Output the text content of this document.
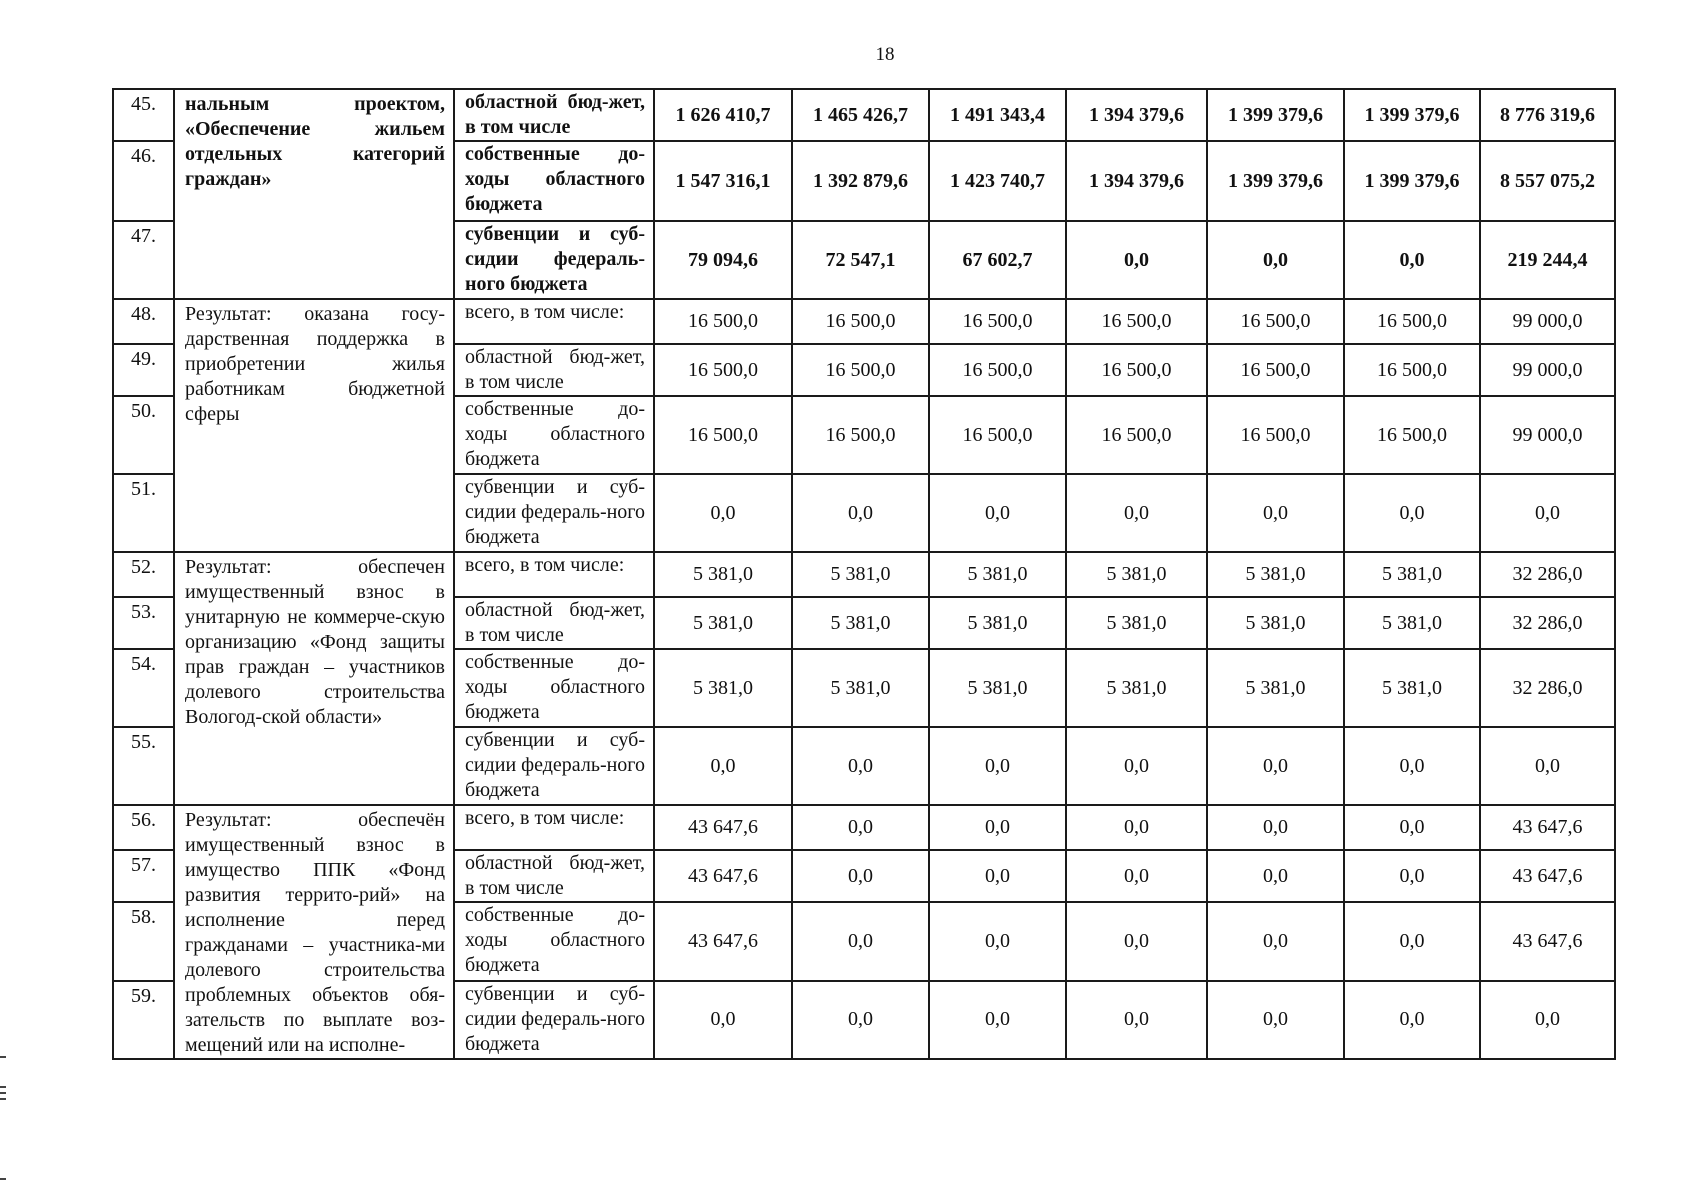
18
45.	нальным проектом, «Обеспечение жильем отдельных категорий граждан»	областной бюд-жет, в том числе	1 626 410,7	1 465 426,7	1 491 343,4	1 394 379,6	1 399 379,6	1 399 379,6	8 776 319,6
46.		собственные до-ходы областного бюджета	1 547 316,1	1 392 879,6	1 423 740,7	1 394 379,6	1 399 379,6	1 399 379,6	8 557 075,2
47.		субвенции и суб-сидии федераль-ного бюджета	79 094,6	72 547,1	67 602,7	0,0	0,0	0,0	219 244,4
48.	Результат: оказана госу-дарственная поддержка в приобретении жилья работникам бюджетной сферы	всего, в том числе:	16 500,0	16 500,0	16 500,0	16 500,0	16 500,0	16 500,0	99 000,0
49.		областной бюд-жет, в том числе	16 500,0	16 500,0	16 500,0	16 500,0	16 500,0	16 500,0	99 000,0
50.		собственные до-ходы областного бюджета	16 500,0	16 500,0	16 500,0	16 500,0	16 500,0	16 500,0	99 000,0
51.		субвенции и суб-сидии федераль-ного бюджета	0,0	0,0	0,0	0,0	0,0	0,0	0,0
52.	Результат: обеспечен имущественный взнос в унитарную не коммерче-скую организацию «Фонд защиты прав граждан – участников долевого строительства Вологод-ской области»	всего, в том числе:	5 381,0	5 381,0	5 381,0	5 381,0	5 381,0	5 381,0	32 286,0
53.		областной бюд-жет, в том числе	5 381,0	5 381,0	5 381,0	5 381,0	5 381,0	5 381,0	32 286,0
54.		собственные до-ходы областного бюджета	5 381,0	5 381,0	5 381,0	5 381,0	5 381,0	5 381,0	32 286,0
55.		субвенции и суб-сидии федераль-ного бюджета	0,0	0,0	0,0	0,0	0,0	0,0	0,0
56.	Результат: обеспечён имущественный взнос в имущество ППК «Фонд развития террито-рий» на исполнение перед гражданами – участника-ми долевого строительства проблемных объектов обя-зательств по выплате воз-мещений или на исполне-	всего, в том числе:	43 647,6	0,0	0,0	0,0	0,0	0,0	43 647,6
57.		областной бюд-жет, в том числе	43 647,6	0,0	0,0	0,0	0,0	0,0	43 647,6
58.		собственные до-ходы областного бюджета	43 647,6	0,0	0,0	0,0	0,0	0,0	43 647,6
59.		субвенции и суб-сидии федераль-ного бюджета	0,0	0,0	0,0	0,0	0,0	0,0	0,0
